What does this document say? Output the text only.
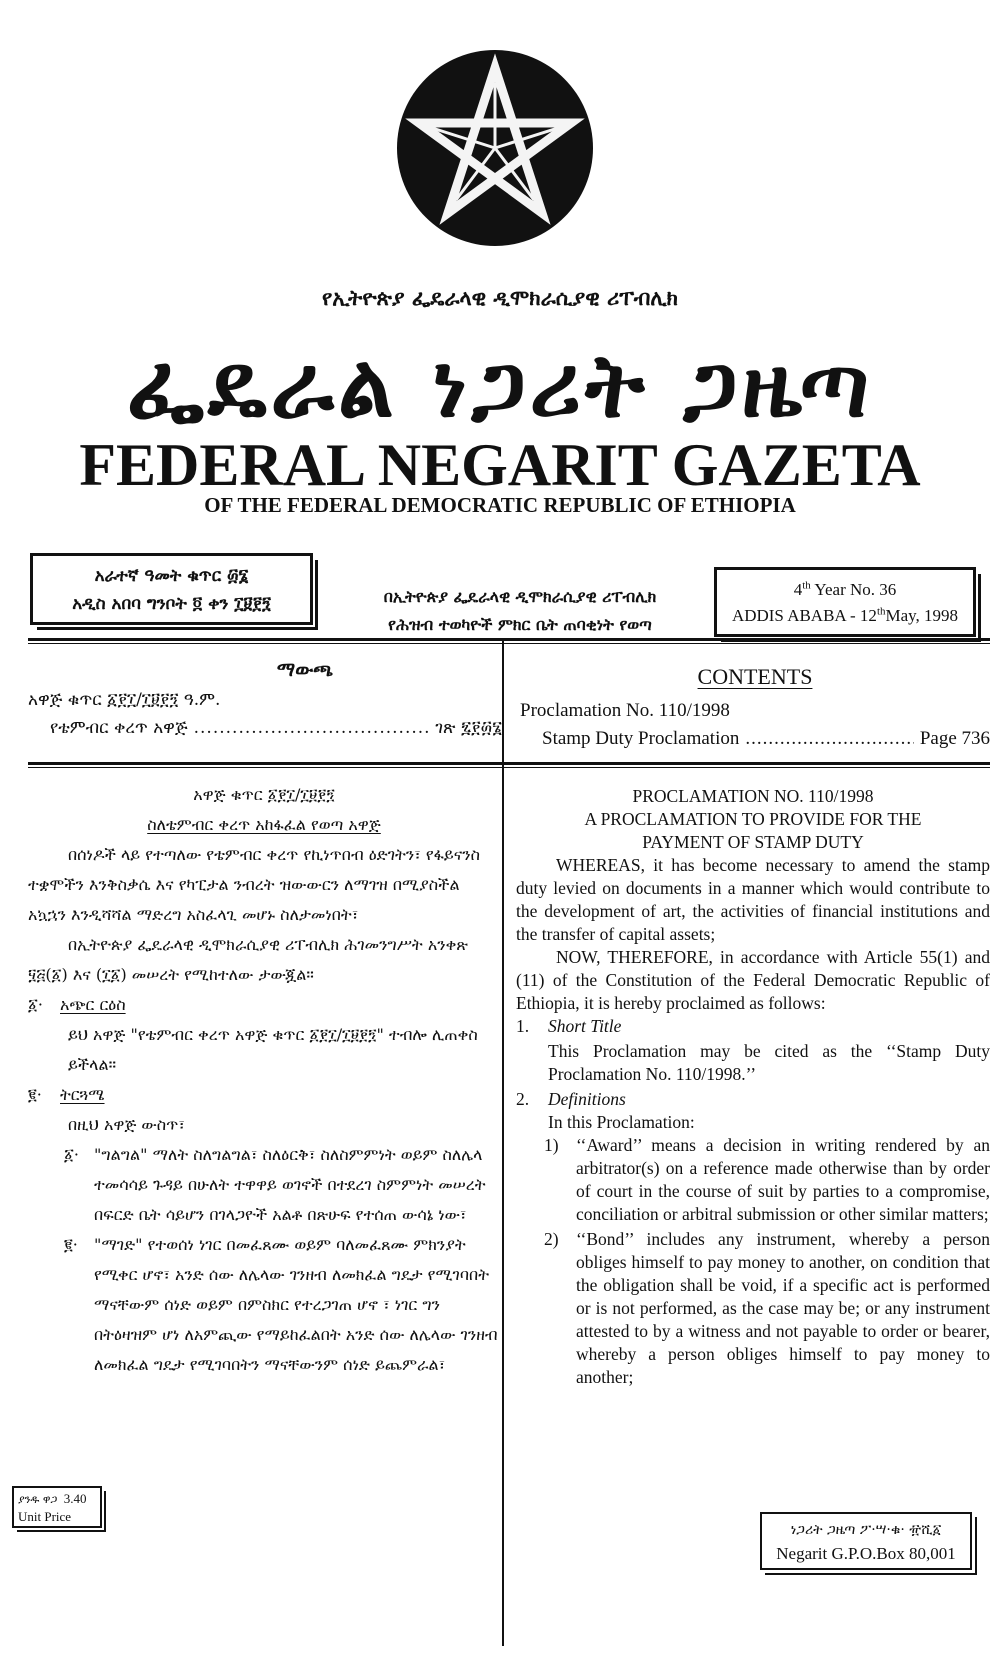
የኢትዮጵያ ፌዴራላዊ ዲሞክራሲያዊ ሪፐብሊክ
ፌዴራል ነጋሪት ጋዜጣ
FEDERAL NEGARIT GAZETA
OF THE FEDERAL DEMOCRATIC REPUBLIC OF ETHIOPIA
አራተኛ ዓመት ቁጥር ፴፮
አዲስ አበባ ግንቦት ፬ ቀን ፲፱፻፺	በኢትዮጵያ ፌዴራላዊ ዲሞክራሲያዊ ሪፐብሊክ
የሕዝብ ተወካዮች ምክር ቤት ጠባቂነት የወጣ
4th Year No. 36
ADDIS ABABA - 12thMay, 1998
ማውጫ
አዋጅ ቁጥር ፩፻፲/፲፱፻፺ ዓ.ም.
የቴምብር ቀረጥ አዋጅ .....	ገጽ ፯፻፴፮
CONTENTS
Proclamation No. 110/1998
Stamp Duty Proclamation .....	Page 736

አዋጅ ቁጥር ፩፻፲/፲፱፻፺

ስለቴምብር ቀረጥ አከፋፈል የወጣ አዋጅ

በሰነዶች ላይ የተጣለው የቴምብር ቀረጥ የኪነጥበብ ዕድገትን፣ የፋይናንስ ተቋሞችን እንቅስቃሴ እና የካፒታል ንብረት ዝውውርን ለማገዝ በሚያስችል አኳኋን እንዲሻሻል ማድረግ አስፈላጊ መሆኑ ስለታመነበት፣

በኢትዮጵያ ፌዴራላዊ ዲሞክራሲያዊ ሪፐብሊክ ሕገመንግሥት አንቀጽ ፶፭(፩) እና (፲፩) መሠረት የሚከተለው ታውጇል።

፩·	አጭር ርዕስ

ይህ አዋጅ "የቴምብር ቀረጥ አዋጅ ቁጥር ፩፻፲/፲፱፻፺" ተብሎ ሊጠቀስ ይችላል።

፪·	ትርጓሜ

በዚህ አዋጅ ውስጥ፣

፩· "ግልግል" ማለት ስለግልግል፣ ስለዕርቅ፣ ስለስምምነት ወይም ስለሌላ ተመሳሳይ ጉዳይ በሁለት ተዋዋይ ወገኖች በተደረገ ስምምነት መሠረት በፍርድ ቤት ሳይሆን በገላጋዮች አልቶ በጽሁፍ የተሰጠ ውሳኔ ነው፣
፪·	"ማገድ" የተወሰነ ነገር በመፈጸሙ ወይም ባለመፈጸሙ ምክንያት የሚቀር ሆኖ፣ አንድ ሰው ለሌላው ገንዘብ ለመክፈል ግዴታ የሚገባበት ማናቸውም ሰነድ ወይም በምስክር የተረጋገጠ ሆኖ ፣ ነገር ግን በትዕዛዝም ሆነ ለአምጪው የማይከፈልበት አንድ ሰው ለሌላው ገንዘብ ለመክፈል ግዴታ የሚገባበትን ማናቸውንም ሰነድ ይጨምራል፣

PROCLAMATION NO. 110/1998

A PROCLAMATION TO PROVIDE FOR THE

PAYMENT OF STAMP DUTY

WHEREAS, it has become necessary to amend the stamp duty levied on documents in a manner which would contribute to the development of art, the activities of financial institutions and the transfer of capital assets;

NOW, THEREFORE, in accordance with Article 55(1) and (11) of the Constitution of the Federal Democratic Republic of Ethiopia, it is hereby proclaimed as follows:

1.	Short Title

This Proclamation may be cited as the ‘‘Stamp Duty Proclamation No. 110/1998.’’

2.	Definitions

In this Proclamation:

1) ‘‘Award’’ means a decision in writing rendered by an arbitrator(s) on a reference made otherwise than by order of court in the course of suit by parties to a compromise, conciliation or arbitral submission or other similar matters;
2) ‘‘Bond’’ includes any instrument, whereby a person obliges himself to pay money to another, on condition that the obligation shall be void, if a specific act is performed or is not performed, as the case may be; or any instrument attested to by a witness and not payable to order or bearer, whereby a person obliges himself to pay money to another;
ያንዱ ዋጋ 3.40
Unit Price
ነጋሪት ጋዜጣ ፖ·ሣ·ቁ· ፹ሺ፩
Negarit G.P.O.Box 80,001
